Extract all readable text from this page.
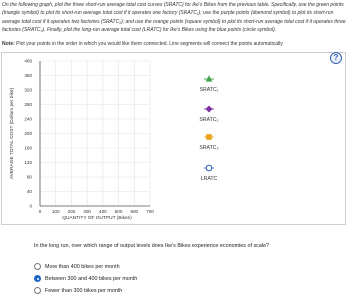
On the following graph, plot the three short-run average total cost curves (SRATC) for Ike's Bikes from the previous table. Specifically, use the green points (triangle symbol) to plot its short-run average total cost if it operates one factory (SRATC₁); use the purple points (diamond symbol) to plot its short-run average total cost if it operates two factories (SRATC₂); and use the orange points (square symbol) to plot its short-run average total cost if it operates three factories (SRATC₃). Finally, plot the long-run average total cost (LRATC) for Ike's Bikes using the blue points (circle symbol).
Note: Plot your points in the order in which you would like them connected. Line segments will connect the points automatically.
0 100 200 300 400 500 600 700
0
40
80
120
160
200
240
280
320
360
400
QUANTITY OF OUTPUT (Bikes)
AVERAGE TOTAL COST (Dollars per bike)	SRATC₁
SRATC₂
SRATC₃
LRATC
?
In the long run, over which range of output levels does Ike's Bikes experience economies of scale?
More than 400 bikes per month
Between 300 and 400 bikes per month
Fewer than 300 bikes per month
